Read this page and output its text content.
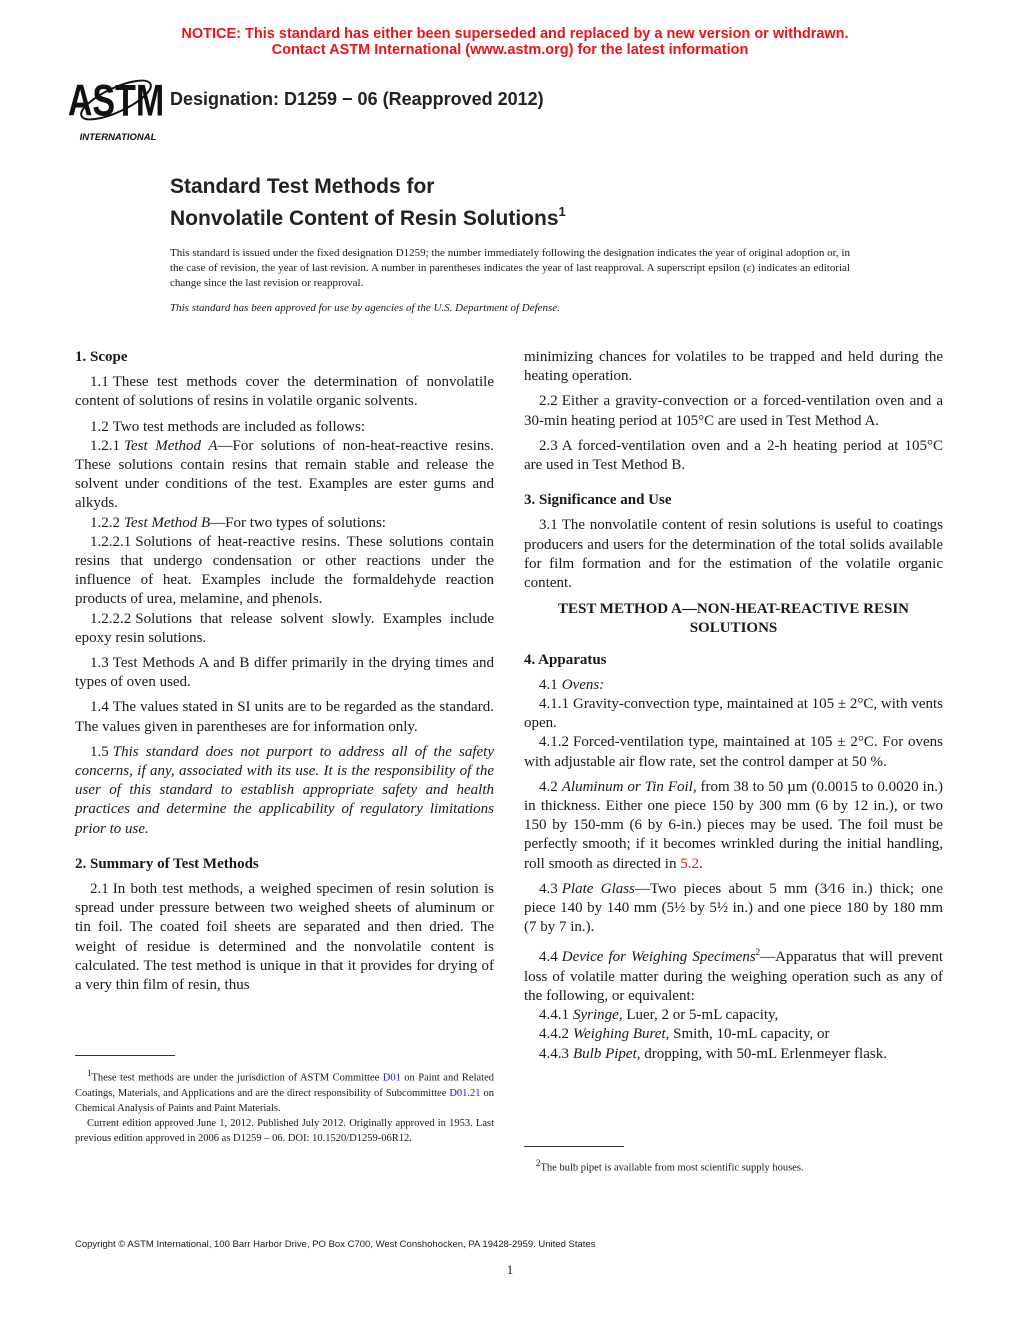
NOTICE: This standard has either been superseded and replaced by a new version or withdrawn.
Contact ASTM International (www.astm.org) for the latest information
ASTM
INTERNATIONAL
Designation: D1259 − 06 (Reapproved 2012)
Standard Test Methods for
Nonvolatile Content of Resin Solutions$^1$
This standard is issued under the fixed designation D1259; the number immediately following the designation indicates the year of original adoption or, in the case of revision, the year of last revision. A number in parentheses indicates the year of last reapproval. A superscript epsilon (ε) indicates an editorial change since the last revision or reapproval.
This standard has been approved for use by agencies of the U.S. Department of Defense.
1. Scope

1.1 These test methods cover the determination of nonvolatile content of solutions of resins in volatile organic solvents.

1.2 Two test methods are included as follows:

1.2.1 Test Method A—For solutions of non-heat-reactive resins. These solutions contain resins that remain stable and release the solvent under conditions of the test. Examples are ester gums and alkyds.

1.2.2 Test Method B—For two types of solutions:

1.2.2.1 Solutions of heat-reactive resins. These solutions contain resins that undergo condensation or other reactions under the influence of heat. Examples include the formaldehyde reaction products of urea, melamine, and phenols.

1.2.2.2 Solutions that release solvent slowly. Examples include epoxy resin solutions.

1.3 Test Methods A and B differ primarily in the drying times and types of oven used.

1.4 The values stated in SI units are to be regarded as the standard. The values given in parentheses are for information only.

1.5 This standard does not purport to address all of the safety concerns, if any, associated with its use. It is the responsibility of the user of this standard to establish appropriate safety and health practices and determine the applicability of regulatory limitations prior to use.

2. Summary of Test Methods

2.1 In both test methods, a weighed specimen of resin solution is spread under pressure between two weighed sheets of aluminum or tin foil. The coated foil sheets are separated and then dried. The weight of residue is determined and the nonvolatile content is calculated. The test method is unique in that it provides for drying of a very thin film of resin, thus

minimizing chances for volatiles to be trapped and held during the heating operation.

2.2 Either a gravity-convection or a forced-ventilation oven and a 30-min heating period at 105°C are used in Test Method A.

2.3 A forced-ventilation oven and a 2-h heating period at 105°C are used in Test Method B.

3. Significance and Use

3.1 The nonvolatile content of resin solutions is useful to coatings producers and users for the determination of the total solids available for film formation and for the estimation of the volatile organic content.

TEST METHOD A—NON-HEAT-REACTIVE RESIN SOLUTIONS
4. Apparatus

4.1 Ovens:

4.1.1 Gravity-convection type, maintained at 105 ± 2°C, with vents open.

4.1.2 Forced-ventilation type, maintained at 105 ± 2°C. For ovens with adjustable air flow rate, set the control damper at 50 %.

4.2 Aluminum or Tin Foil, from 38 to 50 µm (0.0015 to 0.0020 in.) in thickness. Either one piece 150 by 300 mm (6 by 12 in.), or two 150 by 150-mm (6 by 6-in.) pieces may be used. The foil must be perfectly smooth; if it becomes wrinkled during the initial handling, roll smooth as directed in 5.2.

4.3 Plate Glass—Two pieces about 5 mm (3⁄16 in.) thick; one piece 140 by 140 mm (5½ by 5½ in.) and one piece 180 by 180 mm (7 by 7 in.).

4.4 Device for Weighing Specimens$^2$—Apparatus that will prevent loss of volatile matter during the weighing operation such as any of the following, or equivalent:

4.4.1 Syringe, Luer, 2 or 5-mL capacity,

4.4.2 Weighing Buret, Smith, 10-mL capacity, or

4.4.3 Bulb Pipet, dropping, with 50-mL Erlenmeyer flask.

$^1$These test methods are under the jurisdiction of ASTM Committee D01 on Paint and Related Coatings, Materials, and Applications and are the direct responsibility of Subcommittee D01.21 on Chemical Analysis of Paints and Paint Materials.

Current edition approved June 1, 2012. Published July 2012. Originally approved in 1953. Last previous edition approved in 2006 as D1259 – 06. DOI: 10.1520/D1259-06R12.

$^2$The bulb pipet is available from most scientific supply houses.

Copyright © ASTM International, 100 Barr Harbor Drive, PO Box C700, West Conshohocken, PA 19428-2959. United States
1
